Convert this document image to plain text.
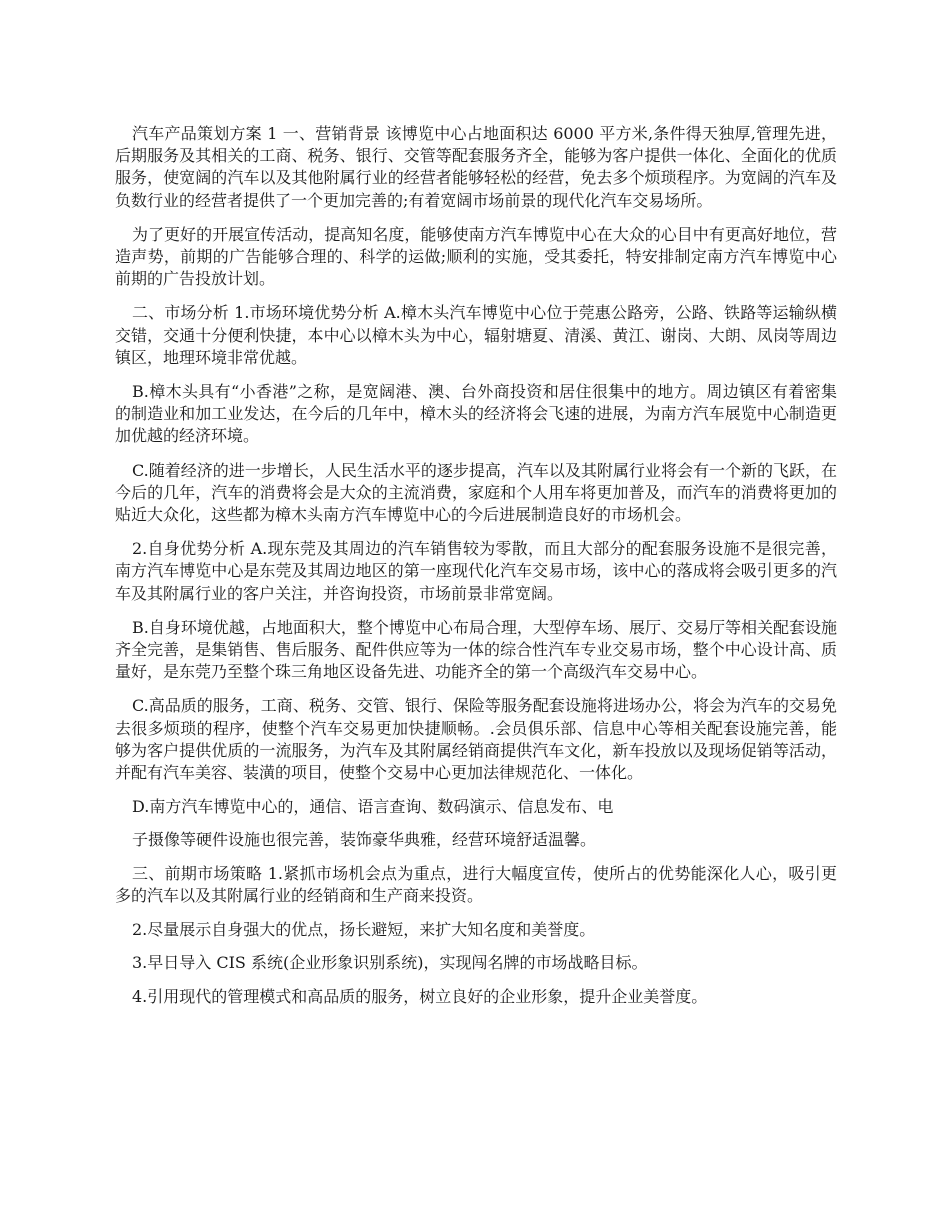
汽车产品策划方案 1 一、营销背景 该博览中心占地面积达 6000 平方米,条件得天独厚,管理先进，后期服务及其相关的工商、税务、银行、交管等配套服务齐全，能够为客户提供一体化、全面化的优质服务，使宽阔的汽车以及其他附属行业的经营者能够轻松的经营，免去多个烦琐程序。为宽阔的汽车及负数行业的经营者提供了一个更加完善的;有着宽阔市场前景的现代化汽车交易场所。

为了更好的开展宣传活动，提高知名度，能够使南方汽车博览中心在大众的心目中有更高好地位，营造声势，前期的广告能够合理的、科学的运做;顺利的实施，受其委托，特安排制定南方汽车博览中心前期的广告投放计划。

二、市场分析 1.市场环境优势分析 A.樟木头汽车博览中心位于莞惠公路旁，公路、铁路等运输纵横交错，交通十分便利快捷，本中心以樟木头为中心，辐射塘夏、清溪、黄江、谢岗、大朗、凤岗等周边镇区，地理环境非常优越。

B.樟木头具有“小香港”之称，是宽阔港、澳、台外商投资和居住很集中的地方。周边镇区有着密集的制造业和加工业发达，在今后的几年中，樟木头的经济将会飞速的进展，为南方汽车展览中心制造更加优越的经济环境。

C.随着经济的进一步增长，人民生活水平的逐步提高，汽车以及其附属行业将会有一个新的飞跃，在今后的几年，汽车的消费将会是大众的主流消费，家庭和个人用车将更加普及，而汽车的消费将更加的贴近大众化，这些都为樟木头南方汽车博览中心的今后进展制造良好的市场机会。

2.自身优势分析 A.现东莞及其周边的汽车销售较为零散，而且大部分的配套服务设施不是很完善，南方汽车博览中心是东莞及其周边地区的第一座现代化汽车交易市场，该中心的落成将会吸引更多的汽车及其附属行业的客户关注，并咨询投资，市场前景非常宽阔。

B.自身环境优越，占地面积大，整个博览中心布局合理，大型停车场、展厅、交易厅等相关配套设施齐全完善，是集销售、售后服务、配件供应等为一体的综合性汽车专业交易市场，整个中心设计高、质量好，是东莞乃至整个珠三角地区设备先进、功能齐全的第一个高级汽车交易中心。

C.高品质的服务，工商、税务、交管、银行、保险等服务配套设施将进场办公，将会为汽车的交易免去很多烦琐的程序，使整个汽车交易更加快捷顺畅。.会员俱乐部、信息中心等相关配套设施完善，能够为客户提供优质的一流服务，为汽车及其附属经销商提供汽车文化，新车投放以及现场促销等活动，并配有汽车美容、装潢的项目，使整个交易中心更加法律规范化、一体化。

D.南方汽车博览中心的，通信、语言查询、数码演示、信息发布、电

子摄像等硬件设施也很完善，装饰豪华典雅，经营环境舒适温馨。

三、前期市场策略 1.紧抓市场机会点为重点，进行大幅度宣传，使所占的优势能深化人心，吸引更多的汽车以及其附属行业的经销商和生产商来投资。

2.尽量展示自身强大的优点，扬长避短，来扩大知名度和美誉度。

3.早日导入 CIS 系统(企业形象识别系统)，实现闯名牌的市场战略目标。

4.引用现代的管理模式和高品质的服务，树立良好的企业形象，提升企业美誉度。
